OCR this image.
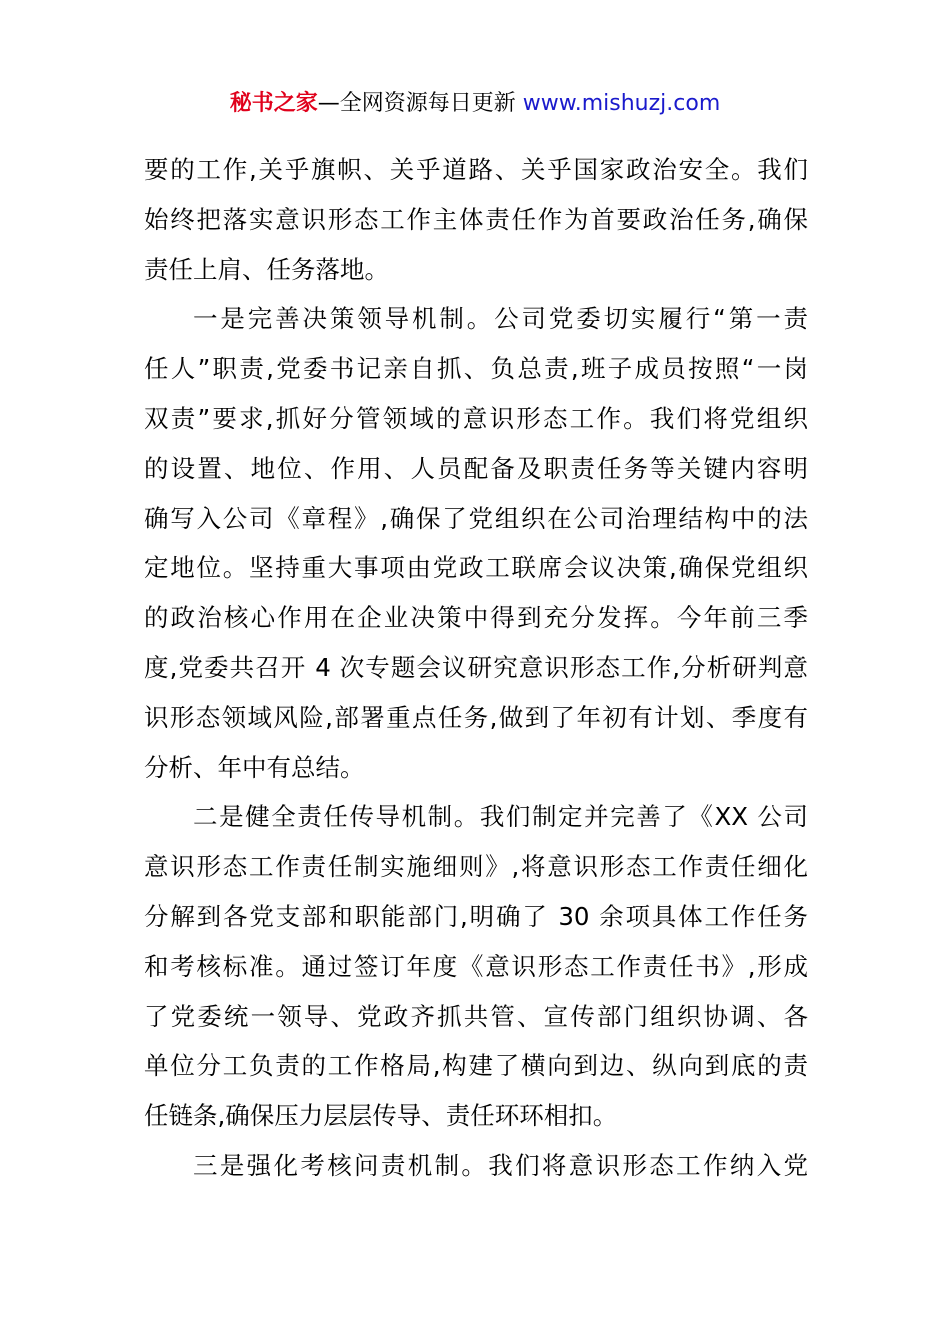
秘书之家—全网资源每日更新 www.mishuzj.com

要的工作,关乎旗帜、关乎道路、关乎国家政治安全。我们
始终把落实意识形态工作主体责任作为首要政治任务,确保
责任上肩、任务落地。

一是完善决策领导机制。公司党委切实履行“第一责
任人”职责,党委书记亲自抓、负总责,班子成员按照“一岗
双责”要求,抓好分管领域的意识形态工作。我们将党组织
的设置、地位、作用、人员配备及职责任务等关键内容明
确写入公司《章程》,确保了党组织在公司治理结构中的法
定地位。坚持重大事项由党政工联席会议决策,确保党组织
的政治核心作用在企业决策中得到充分发挥。今年前三季
度,党委共召开 4 次专题会议研究意识形态工作,分析研判意
识形态领域风险,部署重点任务,做到了年初有计划、季度有
分析、年中有总结。

二是健全责任传导机制。我们制定并完善了《XX 公司
意识形态工作责任制实施细则》,将意识形态工作责任细化
分解到各党支部和职能部门,明确了 30 余项具体工作任务
和考核标准。通过签订年度《意识形态工作责任书》,形成
了党委统一领导、党政齐抓共管、宣传部门组织协调、各
单位分工负责的工作格局,构建了横向到边、纵向到底的责
任链条,确保压力层层传导、责任环环相扣。

三是强化考核问责机制。我们将意识形态工作纳入党
